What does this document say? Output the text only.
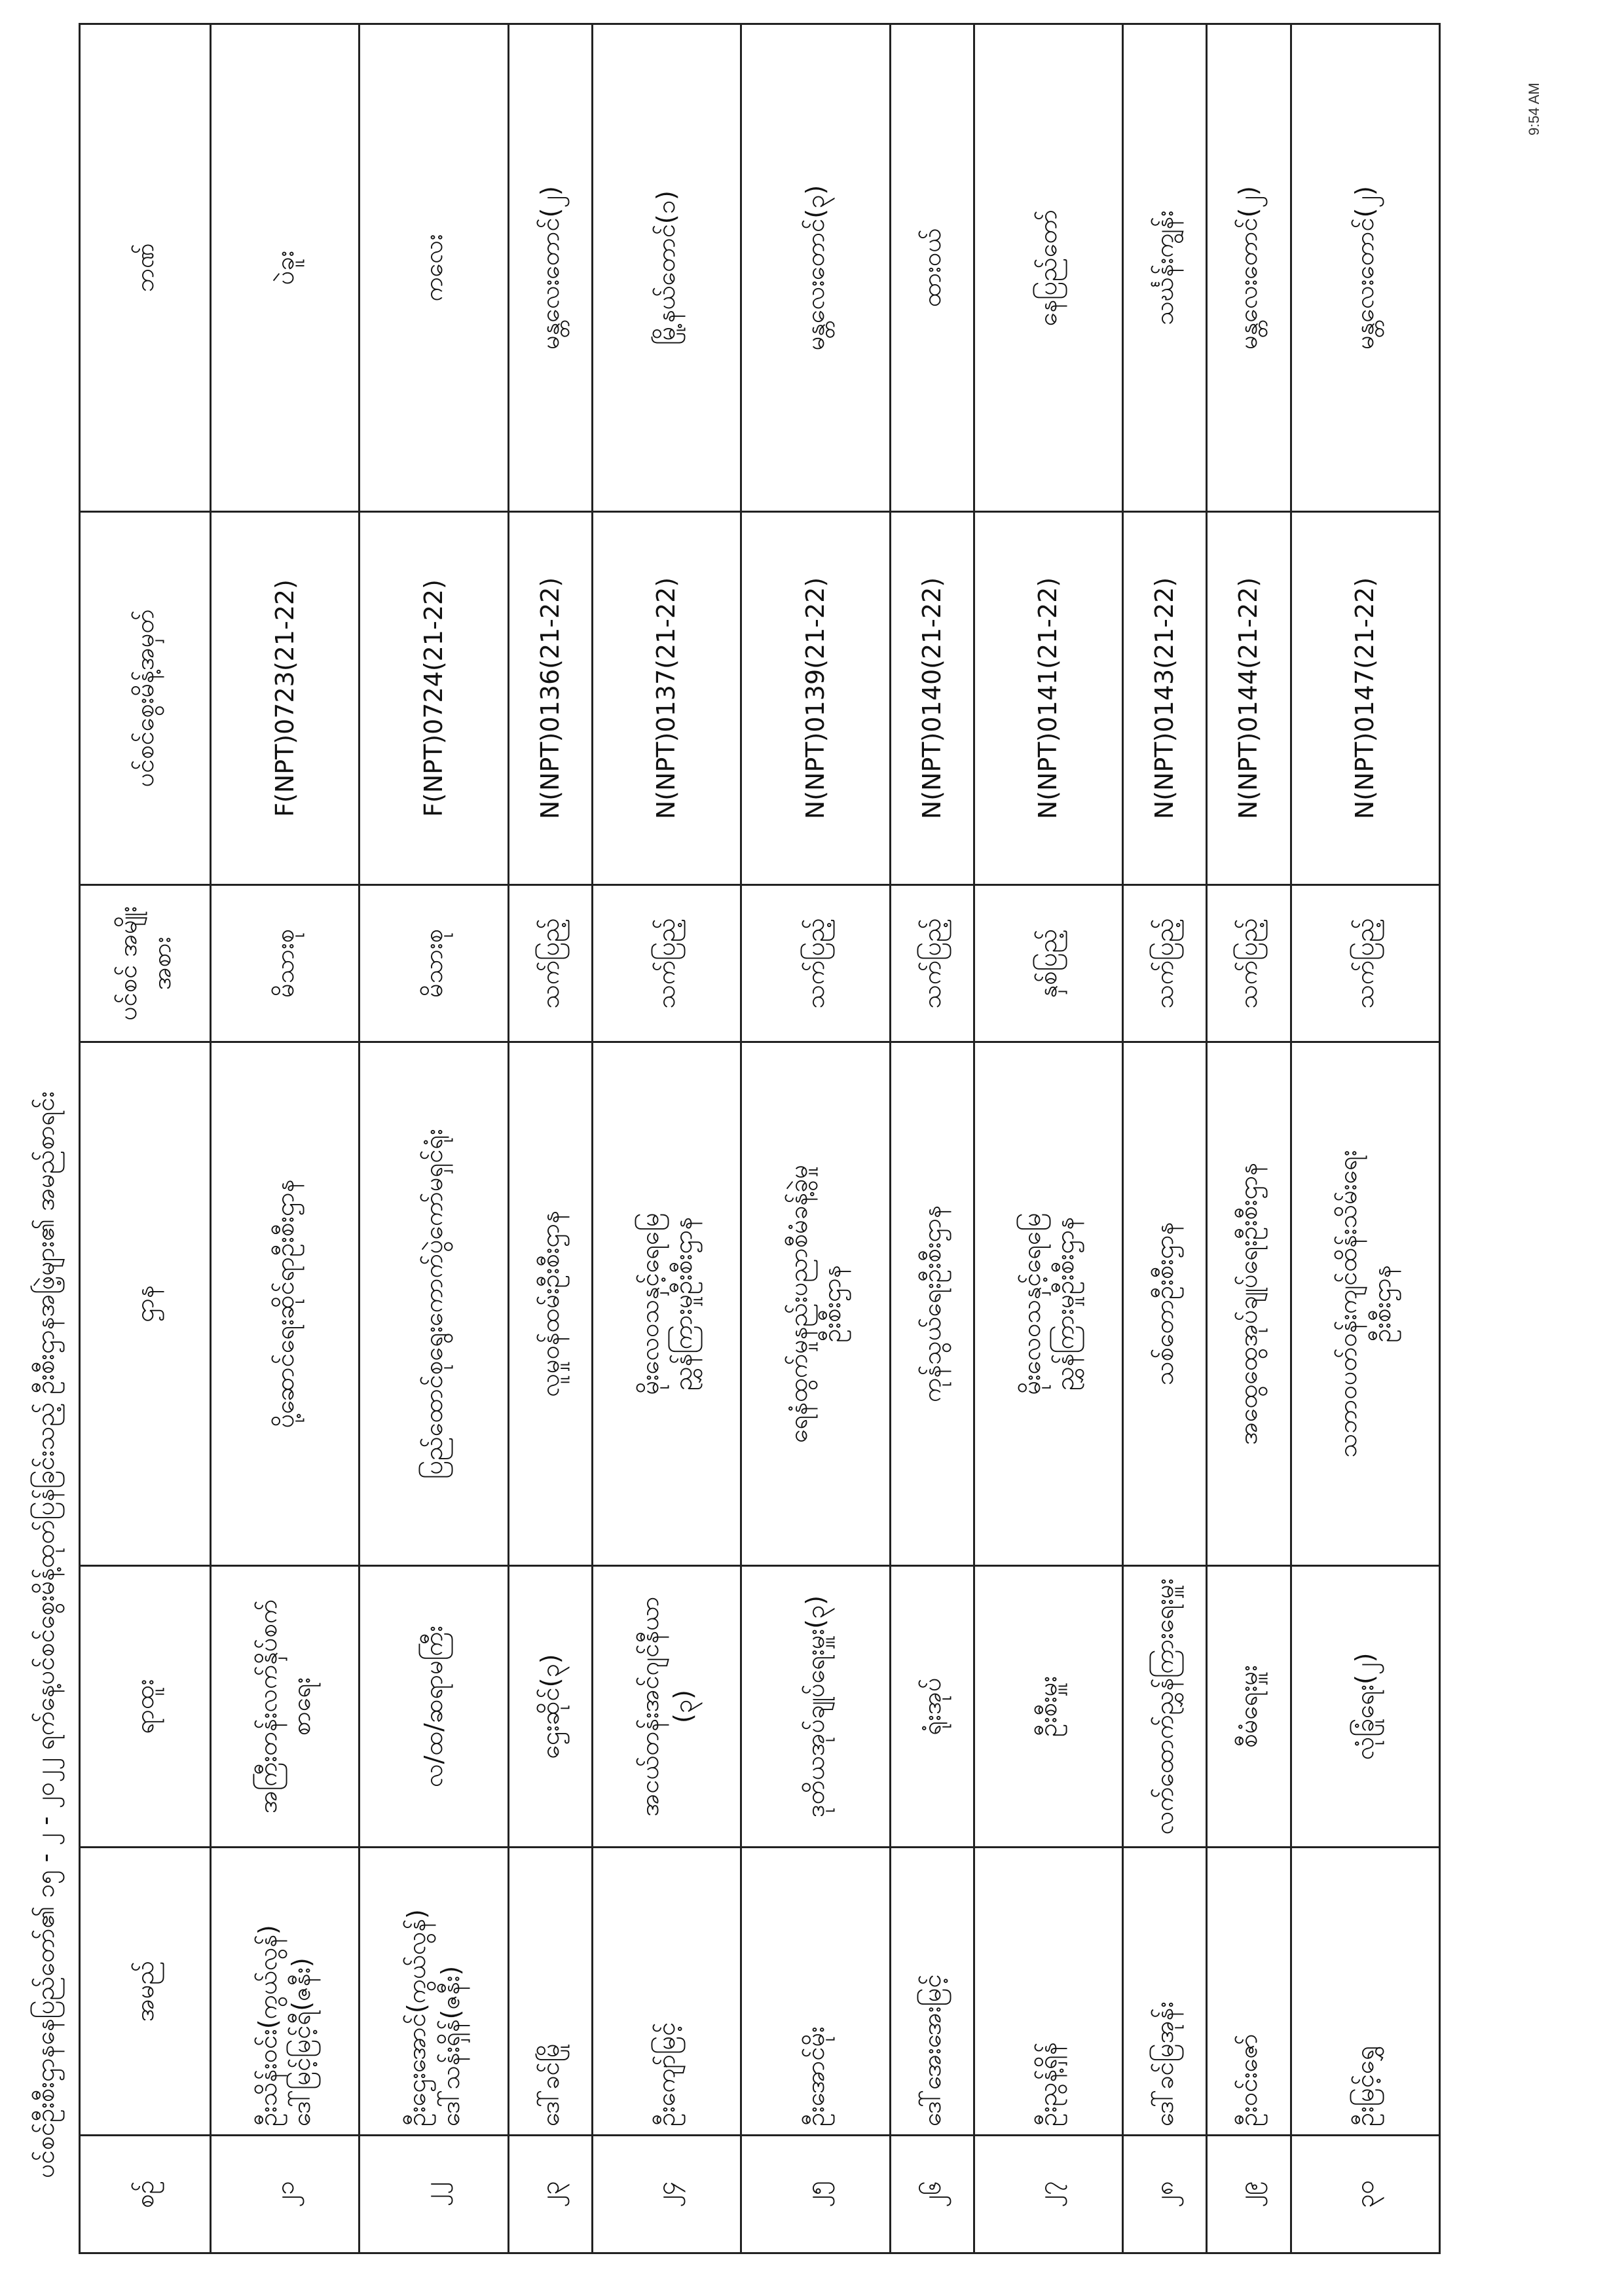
ပင်စင်ဦးစီးဌာနနေပြည်တော်၏ ၁၅ - ၂ - ၂၀၂၂ ရက်နေ့ပင်စင်စွေးမိန့်ထုတ်ပြန်ခြင်းသည့် ဦးစီးဌာနအဖြဲ့များ၏ အမည်စာရင်း
စဉ်	အမည်	ရာထူး	ဌာန	ပင်စင် အမျိုးအစား	ပင်စင်စွေးမိန့်အမှတ်	ဘဏ်
၂၁	ဦးသိန်းဝင်း(ကွယ်လွန်) ဒေါ်မြင့်မြင့်ရီ(ဇနီး)	အကြီးတန်းလက်နှိပ်စက် စာရေး	ပို့ဆောင်ရေးဆိုင်ရာဦးစီးဌာန	မိသားစု	F(NPT)0723(21-22)	ပဲခူး
၂၂	ဦးဌေးအောင်(ကွယ်လွန်) ဒေါ်သန်းရှိန်(ဇနီး)	လ/ထ/ဆရာမကြီး	ပြည်ထောင်စုရွေးကောက်ပွဲကော်မရှင်ရုံး	မိသားစု	F(NPT)0724(21-22)	ကလေး
၂၃	ဒေါ်ခင်မြို	ဌေးဆိုင်(၃)	လူမှုဝန်ထမ်းဦးစီးဌာန	သက်ပြည့်	N(NPT)0136(21-22)	မန္တလေးတောင်(၂)
၂၄	ဦးကျော်မြင့်	အငယ်တန်းအင်ဂျင်နီယာ (၃)	မိုးလေဝသနှင့်ရေမြေ ညွှန်ကြားမှုဦးစီးဌာန	သက်ပြည့်	N(NPT)0137(21-22)	မြို့နယ်တောင်(၁)
၂၅	ဦးအောင်မိုး	ဒုတိယအုပ်ချုပ်ရေးမှူး(၃)	ရေနံထွက်မှုနည်းပညာစီမံခန့်ခွဲမှု ဦးစီးဌာန	သက်ပြည့်	N(NPT)0139(21-22)	မန္တလေးတောင်(၃)
၂၆	ဒေါ်အေးအေးမြင့်	ရုံးအုပ်	ကုန်သွယ်ရေးဦးစီးဌာန	သက်ပြည့်	N(NPT)0140(21-22)	ထားဝယ်
၂၇	ဦးညွန့်ရှိန်	ဦးစီးမှူး	မိုးလေဝသနှင့်ရေမြေ ညွှန်ကြားမှုဦးစီးဌာန	နှစ်ပြည့်	N(NPT)0141(21-22)	နေပြည်တော်
၂၈	ဒေါ်ခင်မြအုန်း	လက်ထောက်ညွှန်ကြားရေးမှူး	သစ်တောဦးစီးဌာန	သက်ပြည့်	N(NPT)0143(21-22)	သင်္ဃန်းကျွန်း
၂၉	ဦးဝင်းဇော်	စီမံရေးမှူး	အထွေထွေအုပ်ချုပ်ရေးဦးစီးဌာန	သက်ပြည့်	N(NPT)0144(21-22)	မန္တလေးတောင်(၂)
၃၀	ဦးမြင့်ရွှေ	လုံခြုံရေး(၂)	သဘာဝပတ်ဝန်းကျင်ထိန်းသိမ်းရေး ဦးစီးဌာန	သက်ပြည့်	N(NPT)0147(21-22)	မန္တလေးတောင်(၂)
9:54 AM
